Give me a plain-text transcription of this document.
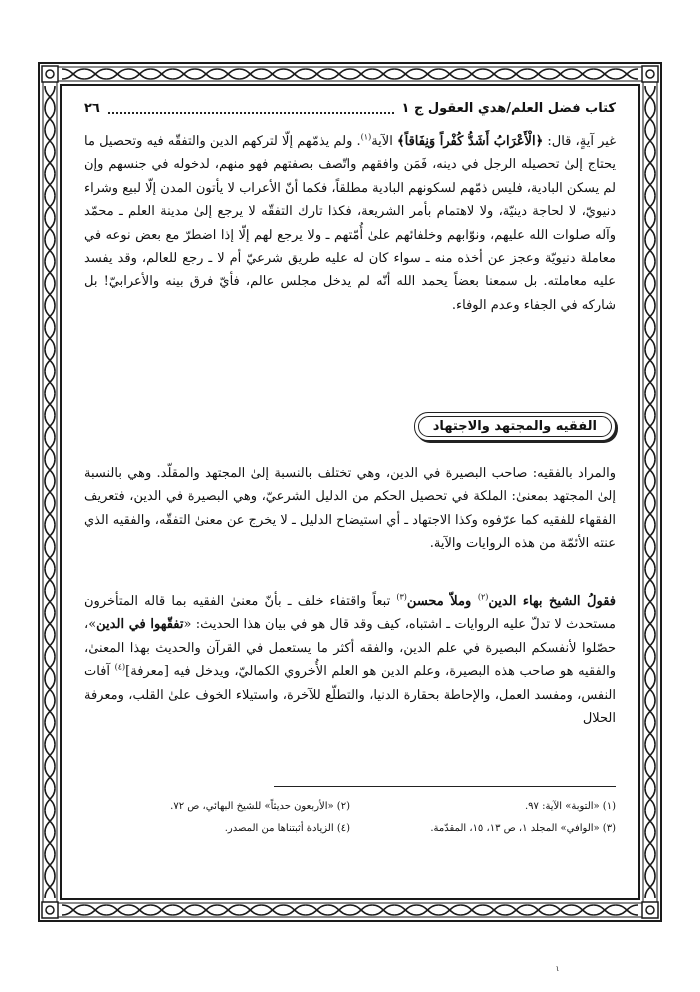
كتاب فضل العلم/هدي العقول ج ١
٢٦

غير آيةٍ، قال: ﴿الْأَعْرَابُ أَشَدُّ كُفْراً وَنِفَاقاً﴾ الآية$^{(١)}$. ولم يذمّهم إلّا لتركهم الدين والتفقّه فيه وتحصيل ما يحتاج إلىٰ تحصيله الرجل في دينه، فَمَن وافقهم واتّصف بصفتهم فهو منهم، لدخوله في جنسهم وإن لم يسكن البادية، فليس ذمّهم لسكونهم البادية مطلقاً، فكما أنّ الأعراب لا يأتون المدن إلّا لبيع وشراء دنيويّ، لا لحاجة دينيّة، ولا لاهتمام بأمر الشريعة، فكذا تارك التفقّه لا يرجع إلىٰ مدينة العلم ـ محمّد وآله صلوات الله عليهم، ونوّابهم وخلفائهم علىٰ أُمّتهم ـ ولا يرجع لهم إلّا إذا اضطرّ مع بعض نوعه في معاملة دنيويّة وعجز عن أخذه منه ـ سواء كان له عليه طريق شرعيّ أم لا ـ رجع للعالم، وقد يفسد عليه معاملته. بل سمعنا بعضاً يحمد الله أنّه لم يدخل مجلس عالم، فأيّ فرق بينه والأعرابيّ! بل شاركه في الجفاء وعدم الوفاء.

الفقيه والمجتهد والاجتهاد

والمراد بالفقيه: صاحب البصيرة في الدين، وهي تختلف بالنسبة إلىٰ المجتهد والمقلّد. وهي بالنسبة إلىٰ المجتهد بمعنىٰ: الملكة في تحصيل الحكم من الدليل الشرعيّ، وهي البصيرة في الدين، فتعريف الفقهاء للفقيه كما عرّفوه وكذا الاجتهاد ـ أي استيضاح الدليل ـ لا يخرج عن معنىٰ التفقّه، والفقيه الذي عنته الأئمّة من هذه الروايات والآية.

فقولُ الشيخ بهاء الدين$^{(٢)}$ وملاّ محسن$^{(٣)}$ تبعاً واقتفاء خلف ـ بأنّ معنىٰ الفقيه بما قاله المتأخرون مستحدث لا تدلّ عليه الروايات ـ اشتباه، كيف وقد قال هو في بيان هذا الحديث: «تفقّهوا في الدين»، حصّلوا لأنفسكم البصيرة في علم الدين، والفقه أكثر ما يستعمل في القرآن والحديث بهذا المعنىٰ، والفقيه هو صاحب هذه البصيرة، وعلم الدين هو العلم الأُخروي الكماليّ، ويدخل فيه [معرفة]$^{(٤)}$ آفات النفس، ومفسد العمل، والإحاطة بحقارة الدنيا، والتطلّع للآخرة، واستيلاء الخوف علىٰ القلب، ومعرفة الحلال

(١) «التوبة» الآية: ٩٧.
(٢) «الأربعون حديثاً» للشيخ البهائي، ص ٧٢.
(٣) «الوافي» المجلد ١، ص ١٣، ١٥، المقدّمة.
(٤) الزيادة أثبتناها من المصدر.
ι
